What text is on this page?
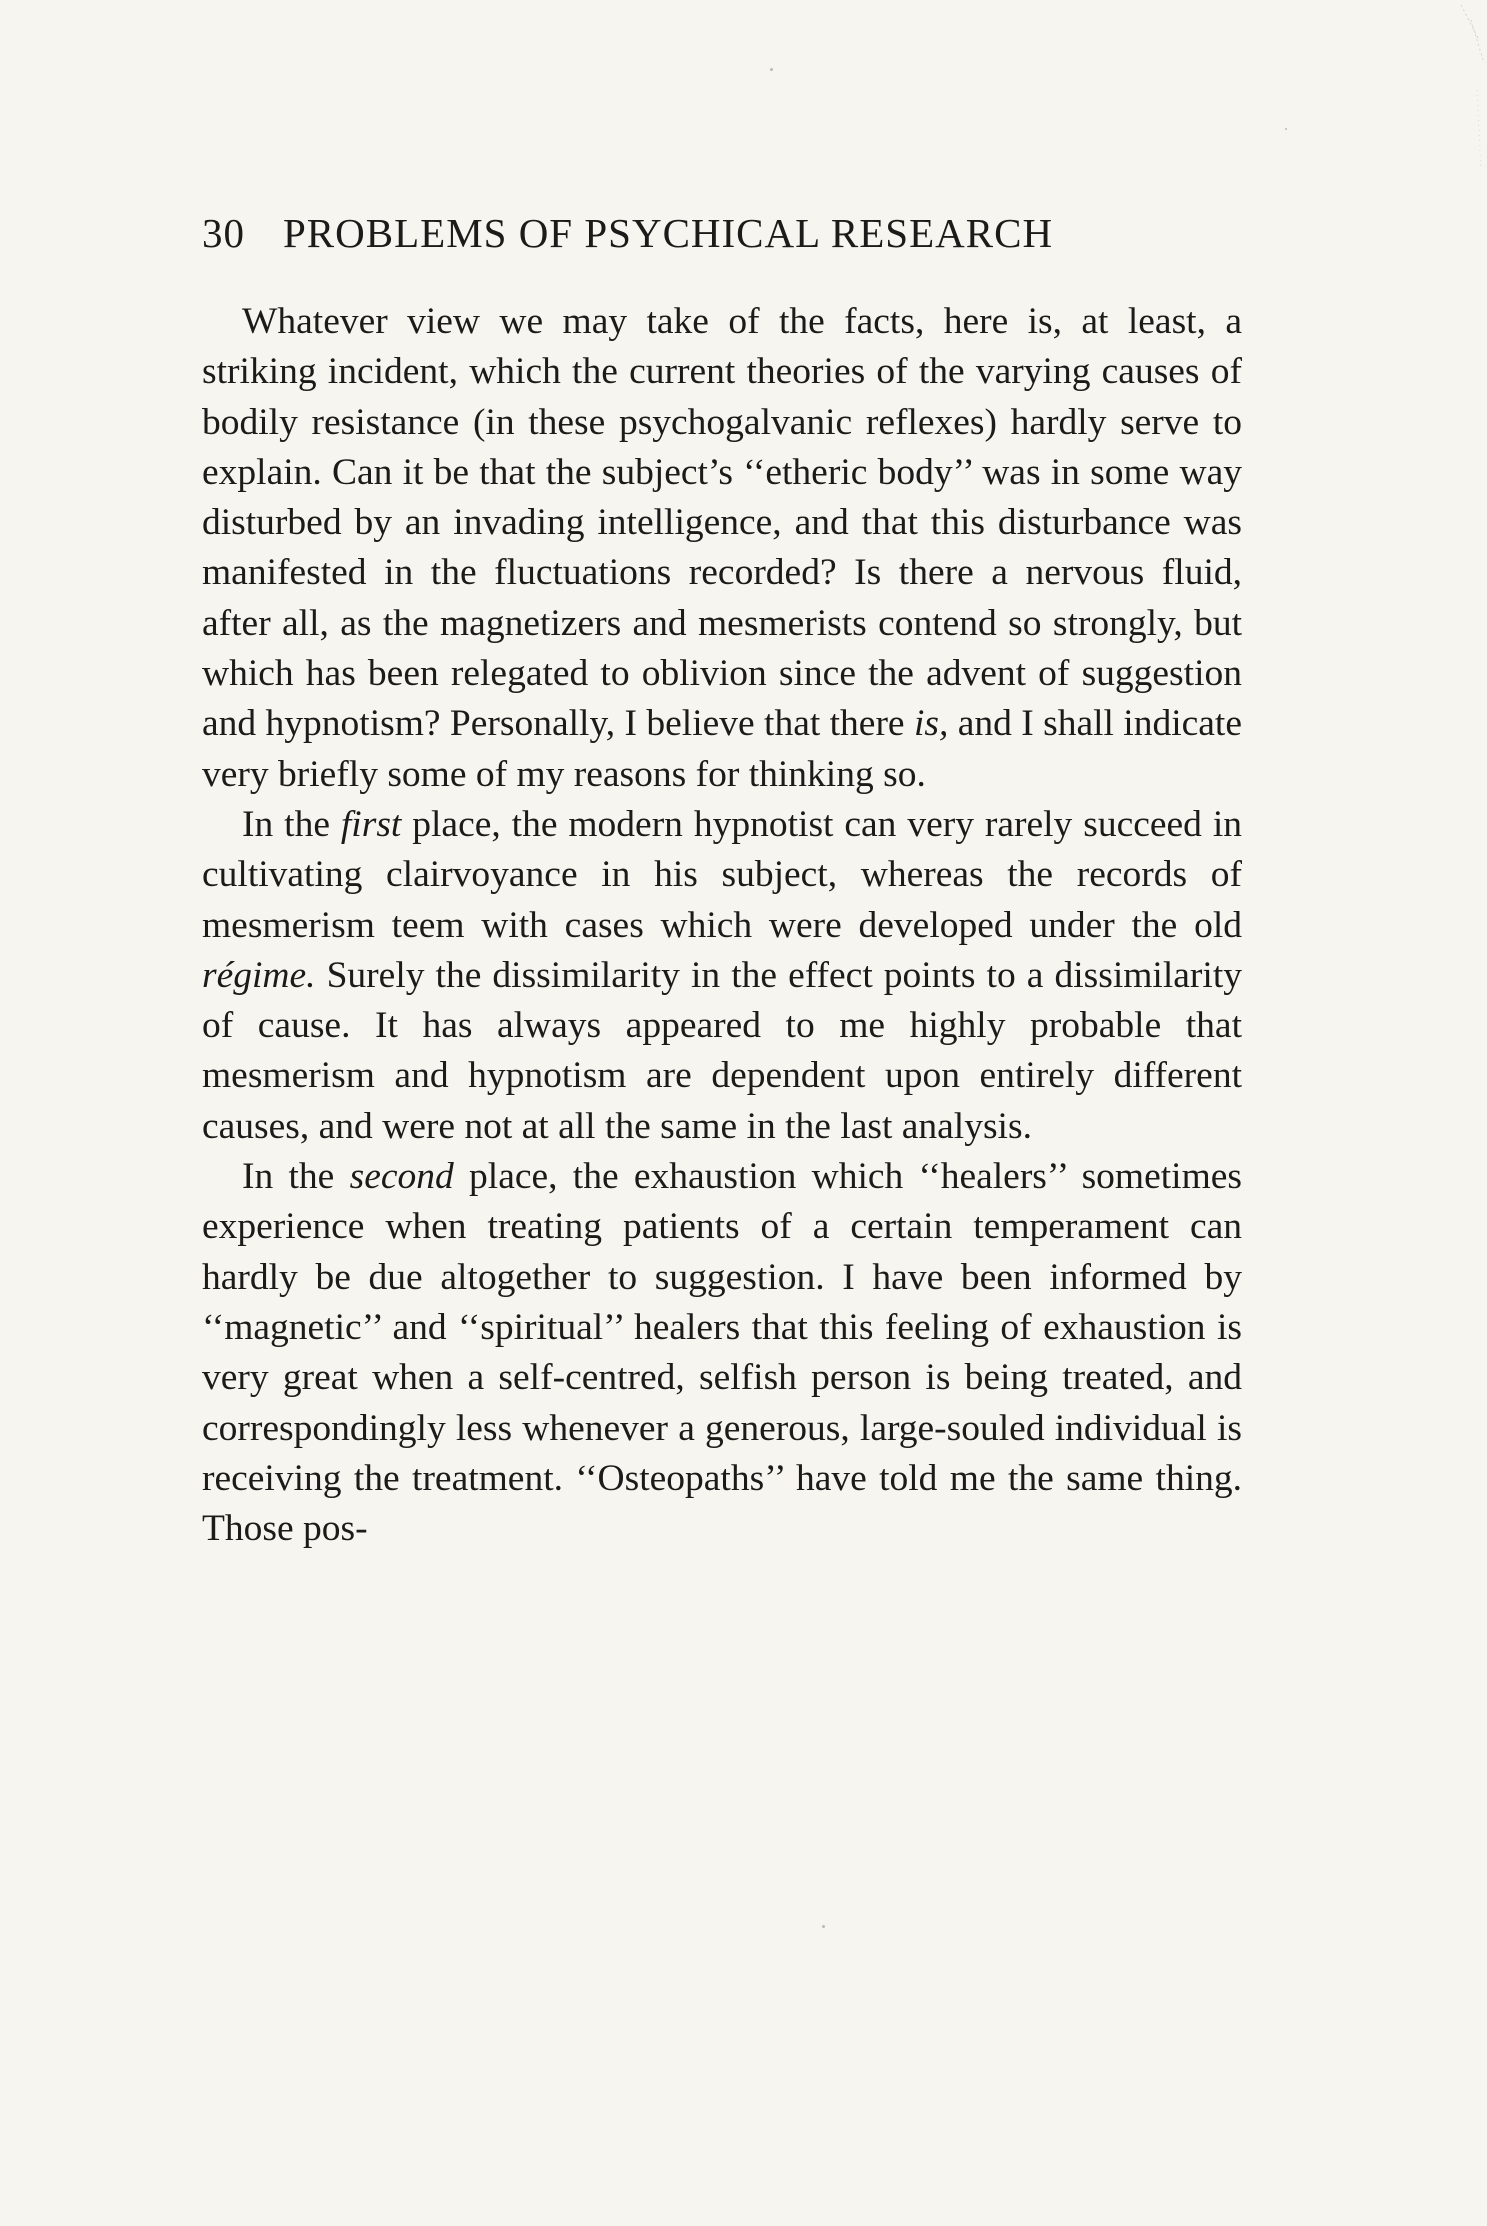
30 PROBLEMS OF PSYCHICAL RESEARCH

Whatever view we may take of the facts, here is, at least, a striking incident, which the current theories of the varying causes of bodily resistance (in these psychogalvanic reflexes) hardly serve to explain. Can it be that the subject’s ‘‘etheric body’’ was in some way disturbed by an invading intelligence, and that this disturbance was manifested in the fluctuations recorded? Is there a nervous fluid, after all, as the magnetizers and mesmerists contend so strongly, but which has been relegated to oblivion since the advent of suggestion and hypnotism? Personally, I believe that there is, and I shall indicate very briefly some of my reasons for thinking so.

In the first place, the modern hypnotist can very rarely succeed in cultivating clairvoyance in his subject, whereas the records of mesmerism teem with cases which were developed under the old régime. Surely the dissimilarity in the effect points to a dissimilarity of cause. It has always appeared to me highly probable that mesmerism and hypnotism are dependent upon entirely different causes, and were not at all the same in the last analysis.

In the second place, the exhaustion which ‘‘healers’’ sometimes experience when treating patients of a certain temperament can hardly be due altogether to suggestion. I have been informed by ‘‘magnetic’’ and ‘‘spiritual’’ healers that this feeling of exhaustion is very great when a self-centred, selfish person is being treated, and correspondingly less whenever a generous, large-souled individual is receiving the treatment. ‘‘Osteopaths’’ have told me the same thing. Those pos-
